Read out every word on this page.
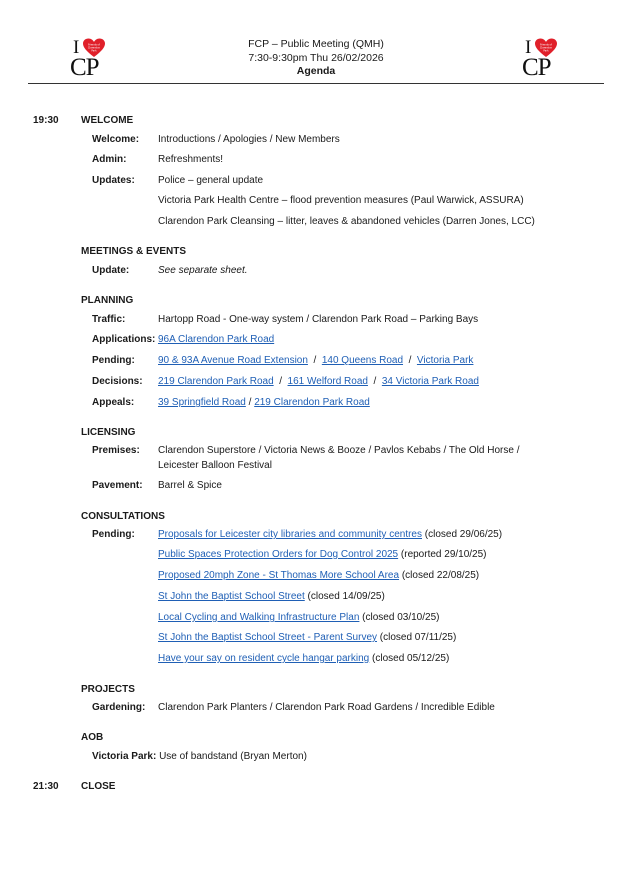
I	Friends of
Clarendon
Park
CP
I	Friends of
Clarendon
Park
CP
FCP – Public Meeting (QMH)
7:30-9:30pm Thu 26/02/2026
Agenda
19:30 WELCOME
Welcome: Introductions / Apologies / New Members
Admin:	Refreshments!
Updates: Police – general update
Victoria Park Health Centre – flood prevention measures (Paul Warwick, ASSURA)
Clarendon Park Cleansing – litter, leaves & abandoned vehicles (Darren Jones, LCC)
MEETINGS & EVENTS
Update:	See separate sheet.
PLANNING
Traffic:	Hartopp Road - One-way system / Clarendon Park Road – Parking Bays
Applications: 96A Clarendon Park Road
Pending: 90 & 93A Avenue Road Extension / 140 Queens Road / Victoria Park
Decisions: 219 Clarendon Park Road / 161 Welford Road / 34 Victoria Park Road
Appeals: 39 Springfield Road / 219 Clarendon Park Road
LICENSING
Premises: Clarendon Superstore / Victoria News & Booze / Pavlos Kebabs / The Old Horse /
Leicester Balloon Festival
Pavement: Barrel & Spice
CONSULTATIONS
Pending: Proposals for Leicester city libraries and community centres (closed 29/06/25)
Public Spaces Protection Orders for Dog Control 2025 (reported 29/10/25)
Proposed 20mph Zone - St Thomas More School Area (closed 22/08/25)
St John the Baptist School Street (closed 14/09/25)
Local Cycling and Walking Infrastructure Plan (closed 03/10/25)
St John the Baptist School Street - Parent Survey (closed 07/11/25)
Have your say on resident cycle hangar parking (closed 05/12/25)
PROJECTS
Gardening: Clarendon Park Planters / Clarendon Park Road Gardens / Incredible Edible
AOB
Victoria Park: Use of bandstand (Bryan Merton)
21:30 CLOSE
